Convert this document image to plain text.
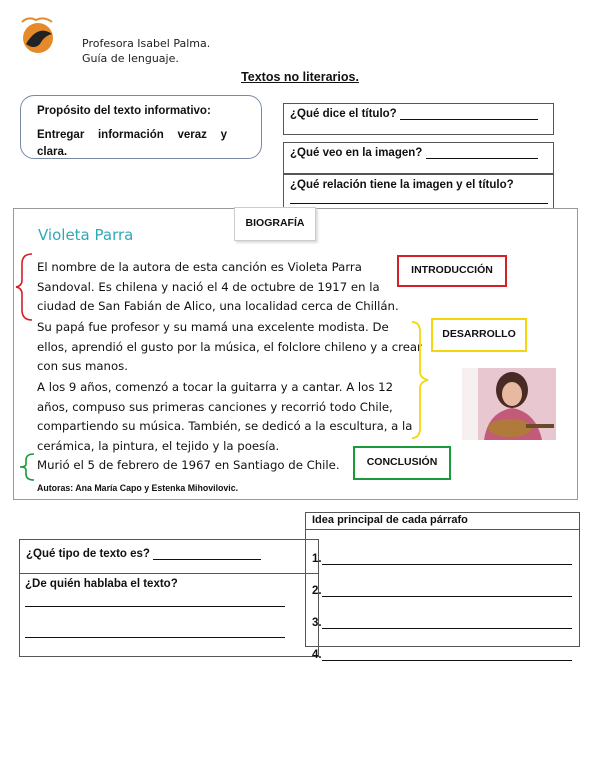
Profesora Isabel Palma.
Guía de lenguaje.
Textos no literarios.
Propósito del texto informativo:
Entregar información veraz y clara.
¿Qué dice el título?
¿Qué veo en la imagen?
¿Qué relación tiene la imagen y el título?
BIOGRAFÍA
Violeta Parra
El nombre de la autora de esta canción es Violeta Parra Sandoval. Es chilena y nació el 4 de octubre de 1917 en la ciudad de San Fabián de Alico, una localidad cerca de Chillán.
Su papá fue profesor y su mamá una excelente modista. De ellos, aprendió el gusto por la música, el folclore chileno y a crear con sus manos.
A los 9 años, comenzó a tocar la guitarra y a cantar. A los 12 años, compuso sus primeras canciones y recorrió todo Chile, compartiendo su música. También, se dedicó a la escultura, a la cerámica, la pintura, el tejido y la poesía.
Murió el 5 de febrero de 1967 en Santiago de Chile.
Autoras: Ana María Capo y Estenka Mihovilovic.
INTRODUCCIÓN
DESARROLLO
CONCLUSIÓN
¿Qué tipo de texto es?
¿De quién hablaba el texto?
Idea principal de cada párrafo
1.
2.
3.
4.
